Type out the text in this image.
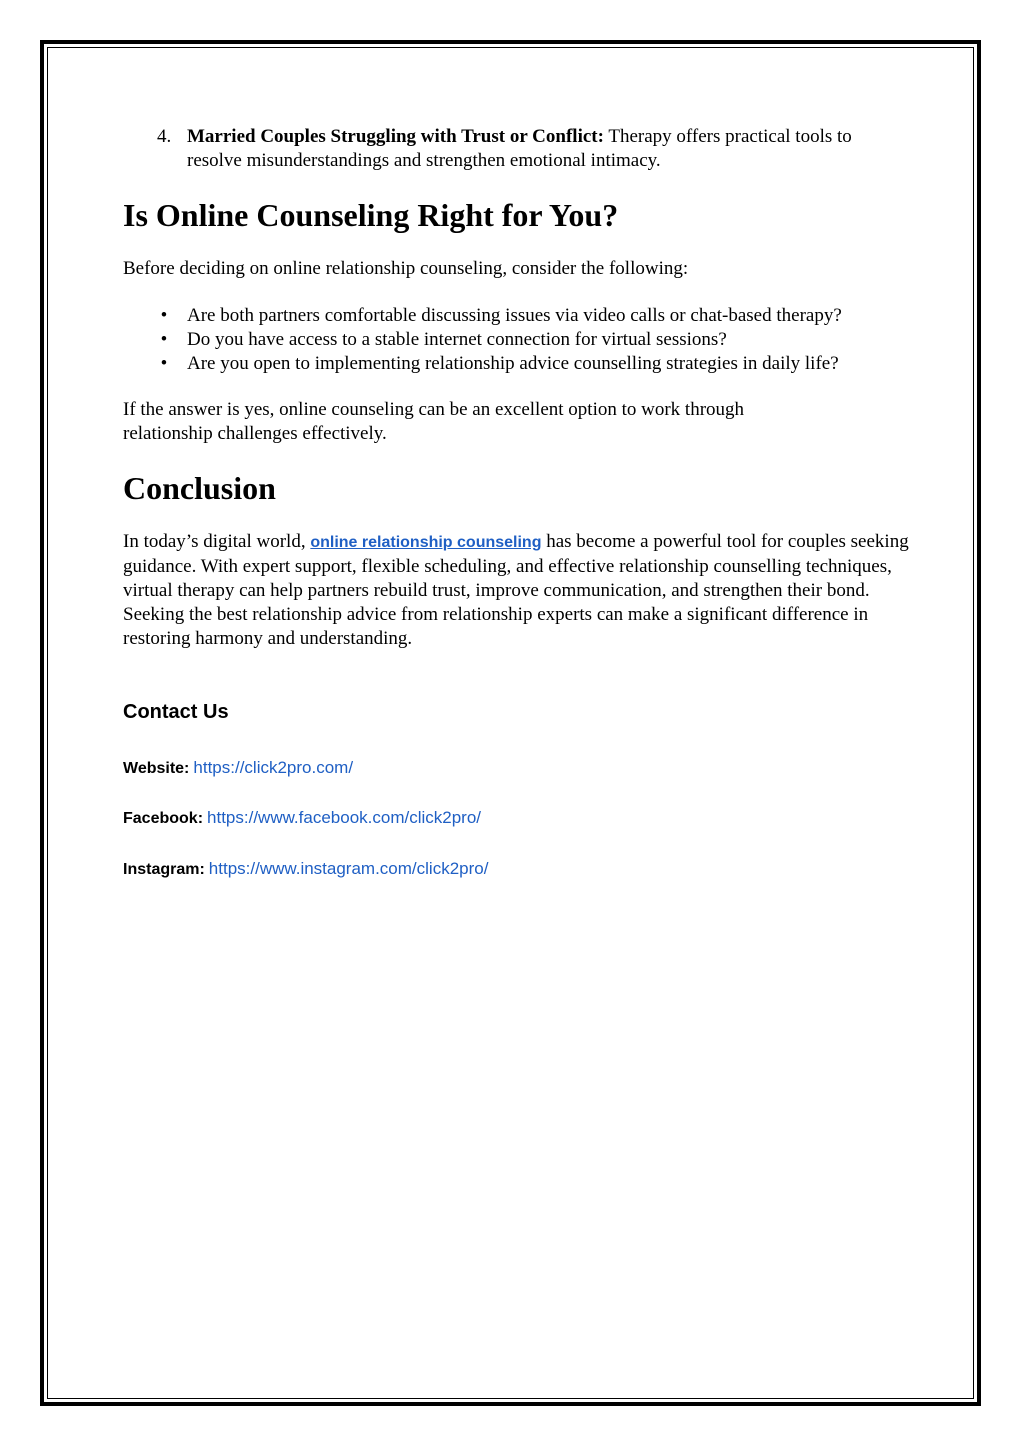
4. Married Couples Struggling with Trust or Conflict: Therapy offers practical tools to resolve misunderstandings and strengthen emotional intimacy.
Is Online Counseling Right for You?

Before deciding on online relationship counseling, consider the following:

• Are both partners comfortable discussing issues via video calls or chat-based therapy?
• Do you have access to a stable internet connection for virtual sessions?
• Are you open to implementing relationship advice counselling strategies in daily life?

If the answer is yes, online counseling can be an excellent option to work through relationship challenges effectively.

Conclusion

In today’s digital world, online relationship counseling has become a powerful tool for couples seeking guidance. With expert support, flexible scheduling, and effective relationship counselling techniques, virtual therapy can help partners rebuild trust, improve communication, and strengthen their bond. Seeking the best relationship advice from relationship experts can make a significant difference in restoring harmony and understanding.

Contact Us
Website: https://click2pro.com/
Facebook: https://www.facebook.com/click2pro/
Instagram: https://www.instagram.com/click2pro/
